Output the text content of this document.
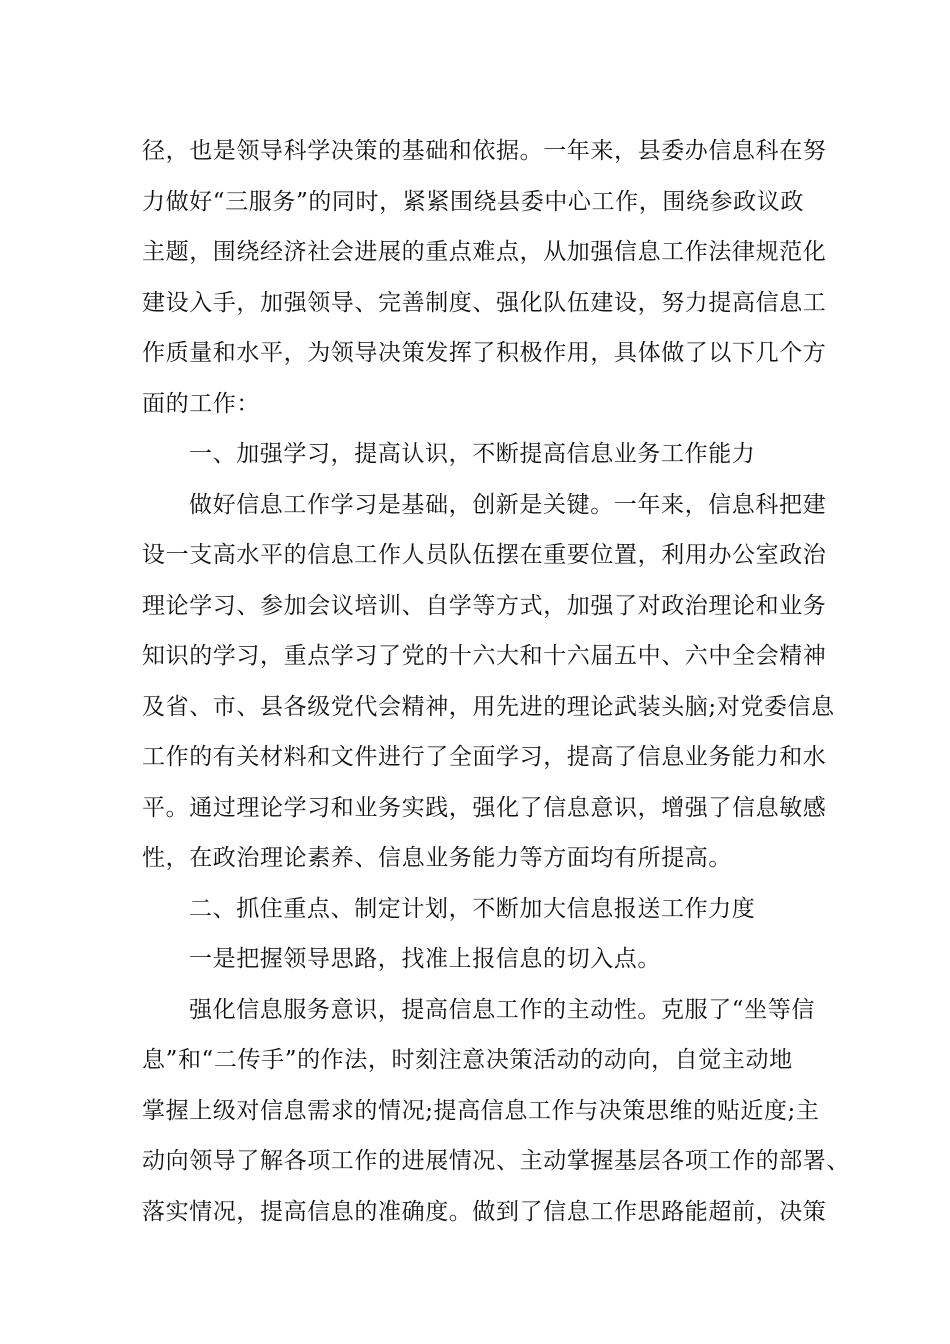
径，也是领导科学决策的基础和依据。一年来，县委办信息科在努
力做好“三服务”的同时，紧紧围绕县委中心工作，围绕参政议政
主题，围绕经济社会进展的重点难点，从加强信息工作法律规范化
建设入手，加强领导、完善制度、强化队伍建设，努力提高信息工
作质量和水平，为领导决策发挥了积极作用，具体做了以下几个方
面的工作：
一、加强学习，提高认识，不断提高信息业务工作能力
做好信息工作学习是基础，创新是关键。一年来，信息科把建
设一支高水平的信息工作人员队伍摆在重要位置，利用办公室政治
理论学习、参加会议培训、自学等方式，加强了对政治理论和业务
知识的学习，重点学习了党的十六大和十六届五中、六中全会精神
及省、市、县各级党代会精神，用先进的理论武装头脑;对党委信息
工作的有关材料和文件进行了全面学习，提高了信息业务能力和水
平。通过理论学习和业务实践，强化了信息意识，增强了信息敏感
性，在政治理论素养、信息业务能力等方面均有所提高。
二、抓住重点、制定计划，不断加大信息报送工作力度
一是把握领导思路，找准上报信息的切入点。
强化信息服务意识，提高信息工作的主动性。克服了“坐等信
息”和“二传手”的作法，时刻注意决策活动的动向，自觉主动地
掌握上级对信息需求的情况;提高信息工作与决策思维的贴近度;主
动向领导了解各项工作的进展情况、主动掌握基层各项工作的部署、
落实情况，提高信息的准确度。做到了信息工作思路能超前，决策
